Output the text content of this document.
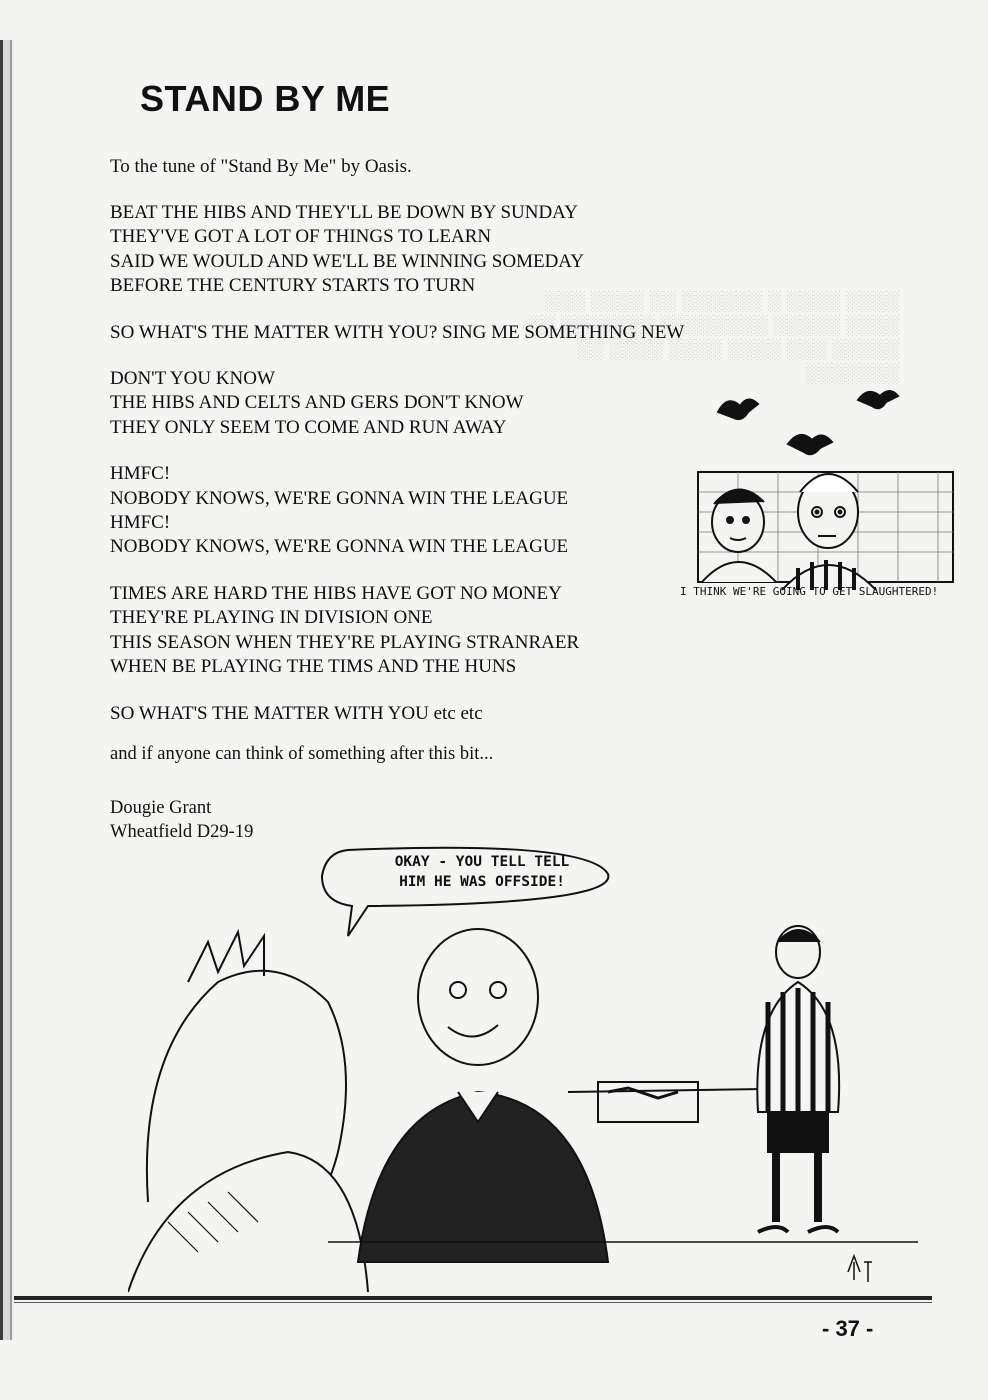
░░░░ ░░░░ ░ ░░░░░░ ░░ ░░░░ ░░░ ░░░░ ░░░░░ ░░░░░░░░ ░░░░░░░ ░░ ░░░░░ ░░░ ░░░░ ░░░░ ░░░░ ░░ ░░░░░░░
STAND BY ME
To the tune of "Stand By Me" by Oasis.
BEAT THE HIBS AND THEY'LL BE DOWN BY SUNDAY
THEY'VE GOT A LOT OF THINGS TO LEARN
SAID WE WOULD AND WE'LL BE WINNING SOMEDAY
BEFORE THE CENTURY STARTS TO TURN
SO WHAT'S THE MATTER WITH YOU? SING ME SOMETHING NEW
DON'T YOU KNOW
THE HIBS AND CELTS AND GERS DON'T KNOW
THEY ONLY SEEM TO COME AND RUN AWAY
HMFC!
NOBODY KNOWS, WE'RE GONNA WIN THE LEAGUE
HMFC!
NOBODY KNOWS, WE'RE GONNA WIN THE LEAGUE
TIMES ARE HARD THE HIBS HAVE GOT NO MONEY
THEY'RE PLAYING IN DIVISION ONE
THIS SEASON WHEN THEY'RE PLAYING STRANRAER
WHEN BE PLAYING THE TIMS AND THE HUNS
SO WHAT'S THE MATTER WITH YOU etc etc
and if anyone can think of something after this bit...
Dougie Grant
Wheatfield D29-19
I THINK WE'RE GOING TO GET SLAUGHTERED!
OKAY - YOU TELL TELL
HIM HE WAS OFFSIDE!
- 37 -
